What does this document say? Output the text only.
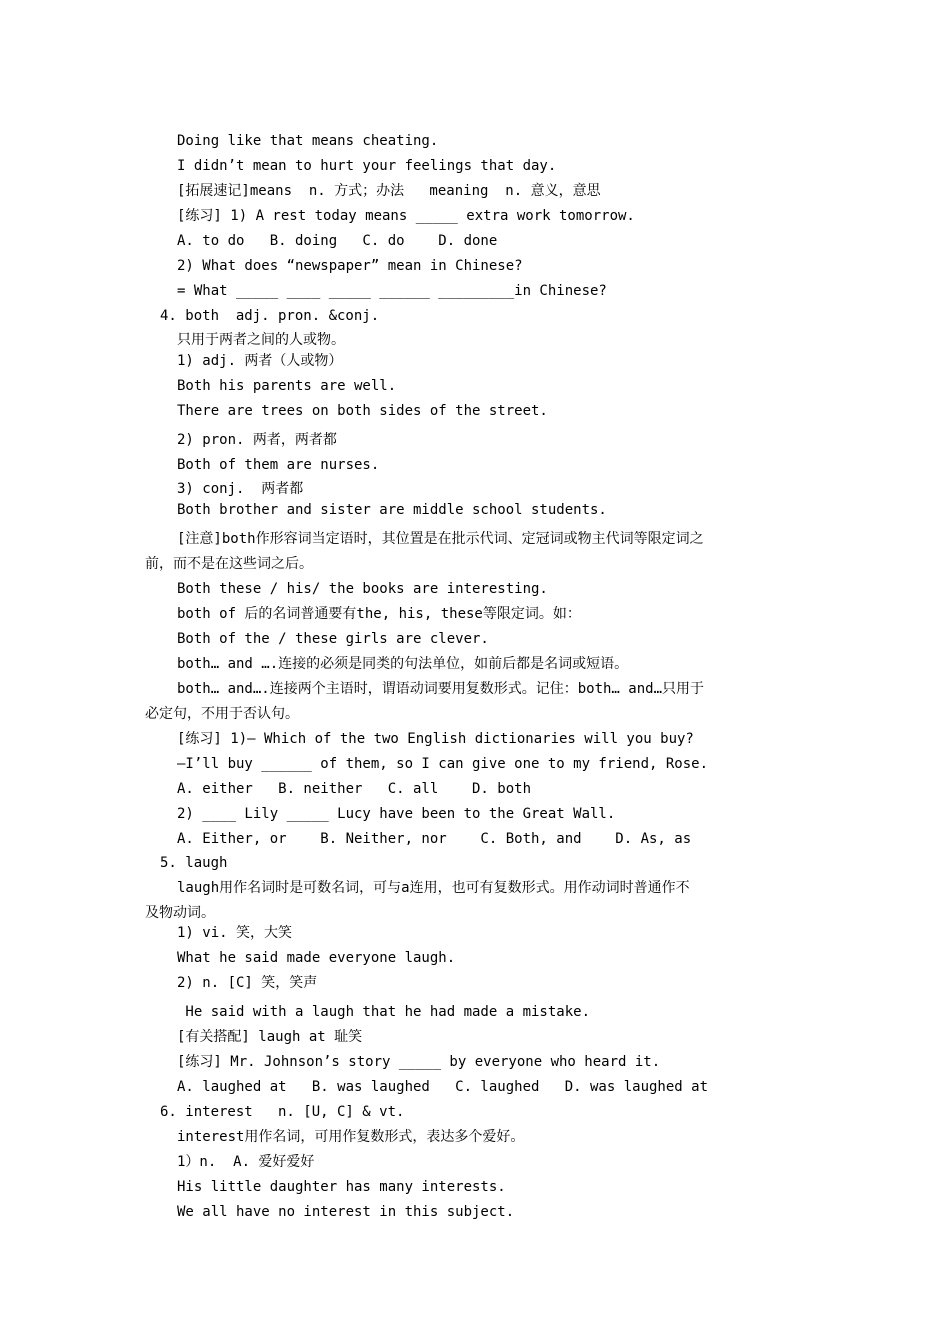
Doing like that means cheating.
I didn’t mean to hurt your feelings that day.
[拓展速记]means  n. 方式；办法   meaning  n. 意义，意思
[练习] 1) A rest today means _____ extra work tomorrow.
A. to do   B. doing   C. do    D. done
2) What does “newspaper” mean in Chinese?
= What _____ ____ _____ ______ _________in Chinese?
4. both  adj. pron. &conj.
只用于两者之间的人或物。
1) adj. 两者（人或物）
Both his parents are well.
There are trees on both sides of the street.
2) pron. 两者，两者都
Both of them are nurses.
3) conj.  两者都
Both brother and sister are middle school students.
[注意]both作形容词当定语时，其位置是在批示代词、定冠词或物主代词等限定词之
前，而不是在这些词之后。
Both these / his/ the books are interesting.
both of 后的名词普通要有the, his, these等限定词。如：
Both of the / these girls are clever.
both… and ….连接的必须是同类的句法单位，如前后都是名词或短语。
both… and….连接两个主语时，谓语动词要用复数形式。记住：both… and…只用于
必定句，不用于否认句。
[练习] 1)— Which of the two English dictionaries will you buy?
—I’ll buy ______ of them, so I can give one to my friend, Rose.
A. either   B. neither   C. all    D. both
2) ____ Lily _____ Lucy have been to the Great Wall.
A. Either, or    B. Neither, nor    C. Both, and    D. As, as
5. laugh
laugh用作名词时是可数名词，可与a连用，也可有复数形式。用作动词时普通作不
及物动词。
1) vi. 笑，大笑
What he said made everyone laugh.
2) n. [C] 笑，笑声
He said with a laugh that he had made a mistake.
[有关搭配] laugh at 耻笑
[练习] Mr. Johnson’s story _____ by everyone who heard it.
A. laughed at   B. was laughed   C. laughed   D. was laughed at
6. interest   n. [U, C] & vt.
interest用作名词，可用作复数形式，表达多个爱好。
1）n.  A. 爱好爱好
His little daughter has many interests.
We all have no interest in this subject.
